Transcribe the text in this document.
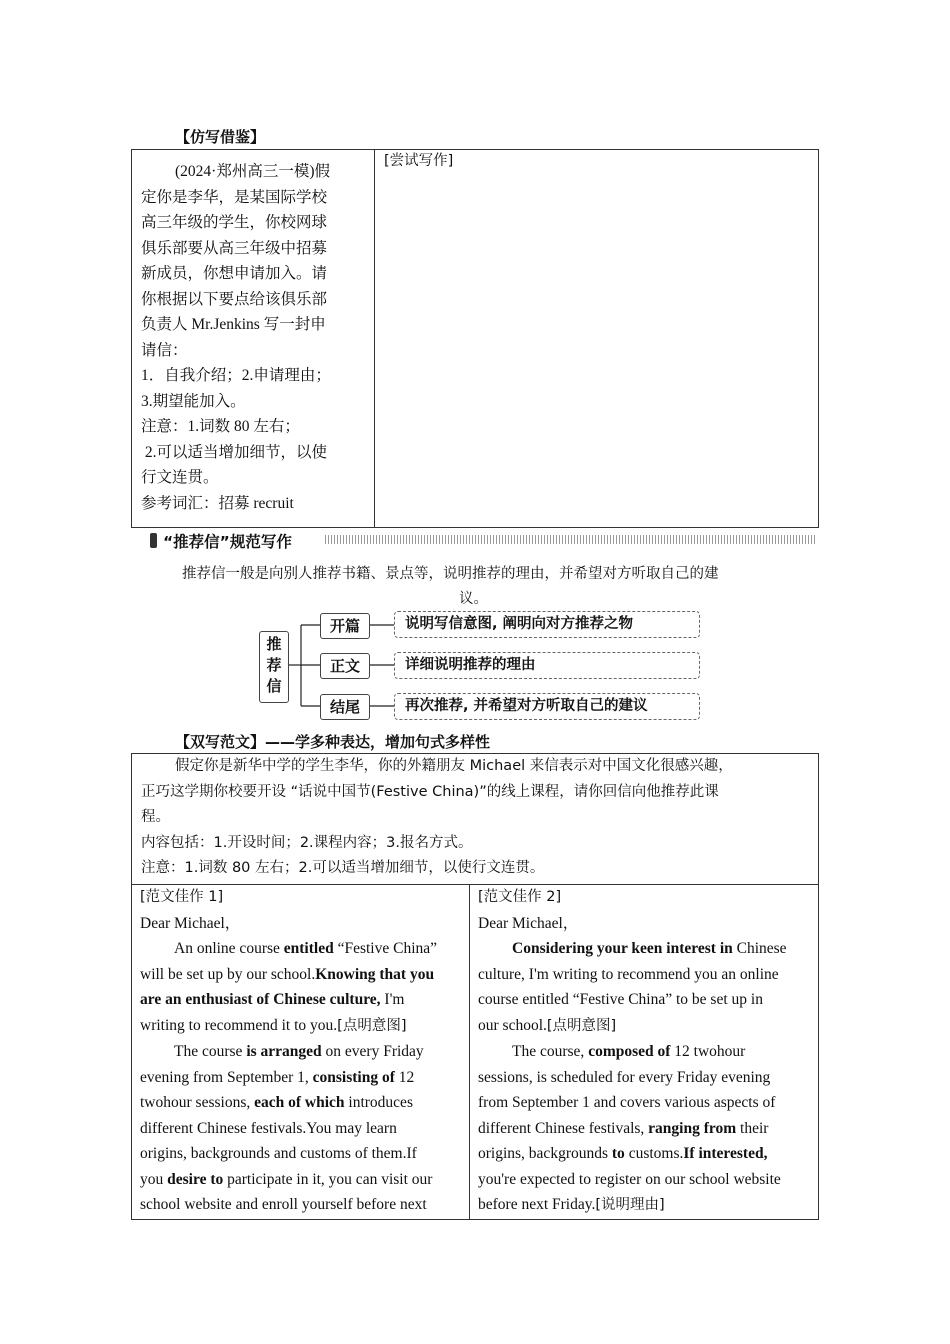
【仿写借鉴】
(2024·郑州高三一模)假
定你是李华，是某国际学校
高三年级的学生，你校网球
俱乐部要从高三年级中招募
新成员，你想申请加入。请
你根据以下要点给该俱乐部
负责人 Mr.Jenkins 写一封申
请信：
1．自我介绍；2.申请理由；
3.期望能加入。
注意：1.词数 80 左右；
2.可以适当增加细节，以使
行文连贯。
参考词汇：招募 recruit

[尝试写作]
“推荐信”规范写作
推荐信一般是向别人推荐书籍、景点等，说明推荐的理由，并希望对方听取自己的建
议。
推
荐
信
开篇
正文
结尾
说明写信意图, 阐明向对方推荐之物
详细说明推荐的理由
再次推荐, 并希望对方听取自己的建议
【双写范文】——学多种表达，增加句式多样性
假定你是新华中学的学生李华，你的外籍朋友 Michael 来信表示对中国文化很感兴趣，
正巧这学期你校要开设 “话说中国节(Festive China)”的线上课程，请你回信向他推荐此课
程。
内容包括：1.开设时间；2.课程内容；3.报名方式。
注意：1.词数 80 左右；2.可以适当增加细节，以使行文连贯。

[范文佳作 1]
Dear Michael，
An online course entitled “Festive China”
will be set up by our school.Knowing that you
are an enthusiast of Chinese culture, I'm
writing to recommend it to you.[点明意图]
The course is arranged on every Friday
evening from September 1, consisting of 12
twohour sessions, each of which introduces
different Chinese festivals.You may learn
origins, backgrounds and customs of them.If
you desire to participate in it, you can visit our
school website and enroll yourself before next

[范文佳作 2]
Dear Michael，
Considering your keen interest in Chinese
culture, I'm writing to recommend you an online
course entitled “Festive China” to be set up in
our school.[点明意图]
The course, composed of 12 twohour
sessions, is scheduled for every Friday evening
from September 1 and covers various aspects of
different Chinese festivals, ranging from their
origins, backgrounds to customs.If interested,
you're expected to register on our school website
before next Friday.[说明理由]
